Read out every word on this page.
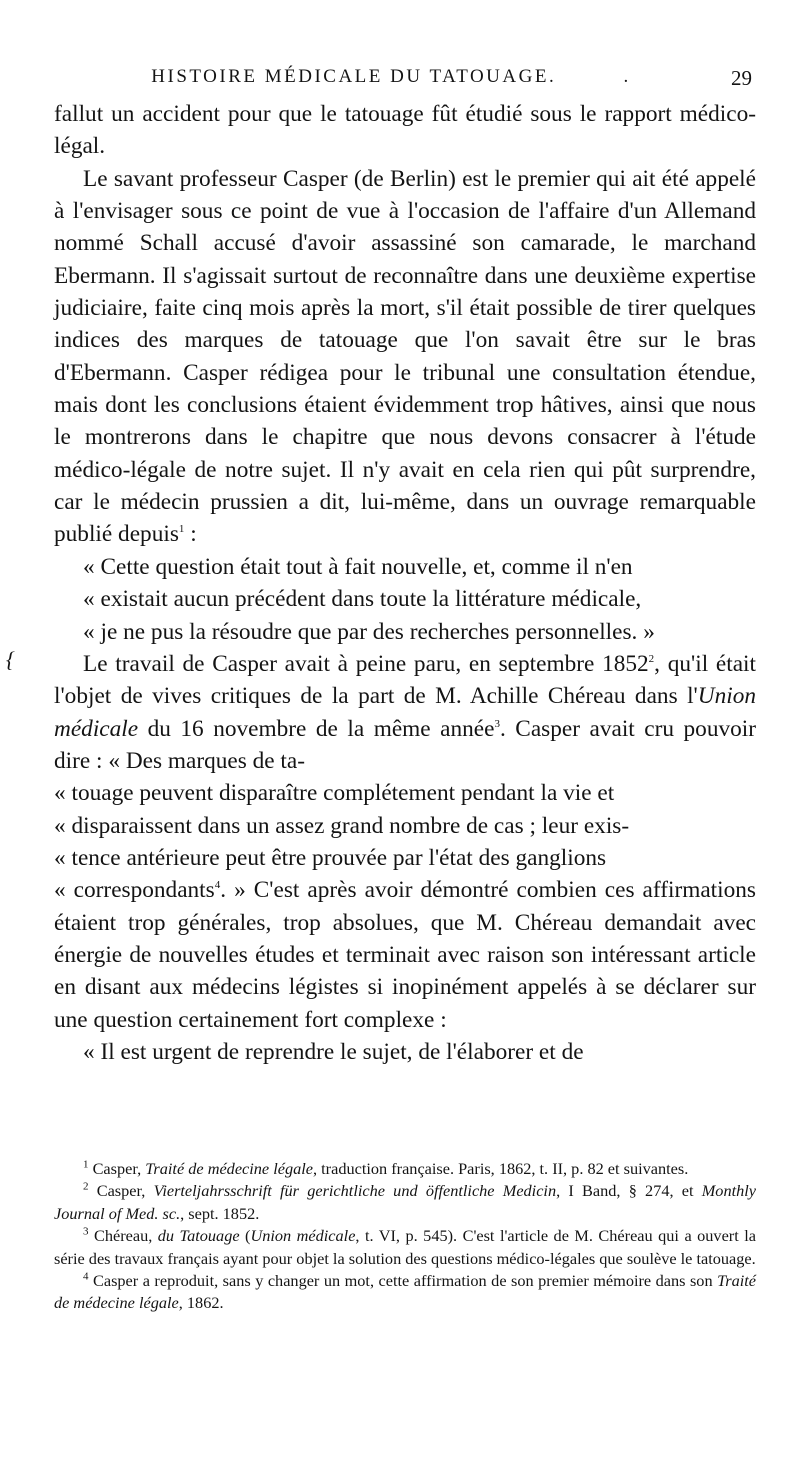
HISTOIRE MÉDICALE DU TATOUAGE.	.	29
{

fallut un accident pour que le tatouage fût étudié sous le rapport médico-légal.

Le savant professeur Casper (de Berlin) est le premier qui ait été appelé à l'envisager sous ce point de vue à l'occasion de l'affaire d'un Allemand nommé Schall accusé d'avoir assassiné son camarade, le marchand Ebermann. Il s'agissait surtout de reconnaître dans une deuxième expertise judiciaire, faite cinq mois après la mort, s'il était possible de tirer quelques indices des marques de tatouage que l'on savait être sur le bras d'Ebermann. Casper rédigea pour le tribunal une consultation étendue, mais dont les conclusions étaient évidemment trop hâtives, ainsi que nous le montrerons dans le chapitre que nous devons consacrer à l'étude médico-légale de notre sujet. Il n'y avait en cela rien qui pût surprendre, car le médecin prussien a dit, lui-même, dans un ouvrage remarquable publié depuis$^1$ :

« Cette question était tout à fait nouvelle, et, comme il n'en

« existait aucun précédent dans toute la littérature médicale,

« je ne pus la résoudre que par des recherches personnelles. »

Le travail de Casper avait à peine paru, en septembre 1852$^2$, qu'il était l'objet de vives critiques de la part de M. Achille Chéreau dans l'Union médicale du 16 novembre de la même année$^3$. Casper avait cru pouvoir dire : « Des marques de ta-

« touage peuvent disparaître complétement pendant la vie et

« disparaissent dans un assez grand nombre de cas ; leur exis-

« tence antérieure peut être prouvée par l'état des ganglions

« correspondants$^4$. » C'est après avoir démontré combien ces affirmations étaient trop générales, trop absolues, que M. Chéreau demandait avec énergie de nouvelles études et terminait avec raison son intéressant article en disant aux médecins légistes si inopinément appelés à se déclarer sur une question certainement fort complexe :

« Il est urgent de reprendre le sujet, de l'élaborer et de

$^1$ Casper, Traité de médecine légale, traduction française. Paris, 1862, t. II, p. 82 et suivantes.

$^2$ Casper, Vierteljahrsschrift für gerichtliche und öffentliche Medicin, I Band, § 274, et Monthly Journal of Med. sc., sept. 1852.

$^3$ Chéreau, du Tatouage (Union médicale, t. VI, p. 545). C'est l'article de M. Chéreau qui a ouvert la série des travaux français ayant pour objet la solution des questions médico-légales que soulève le tatouage.

$^4$ Casper a reproduit, sans y changer un mot, cette affirmation de son premier mémoire dans son Traité de médecine légale, 1862.
